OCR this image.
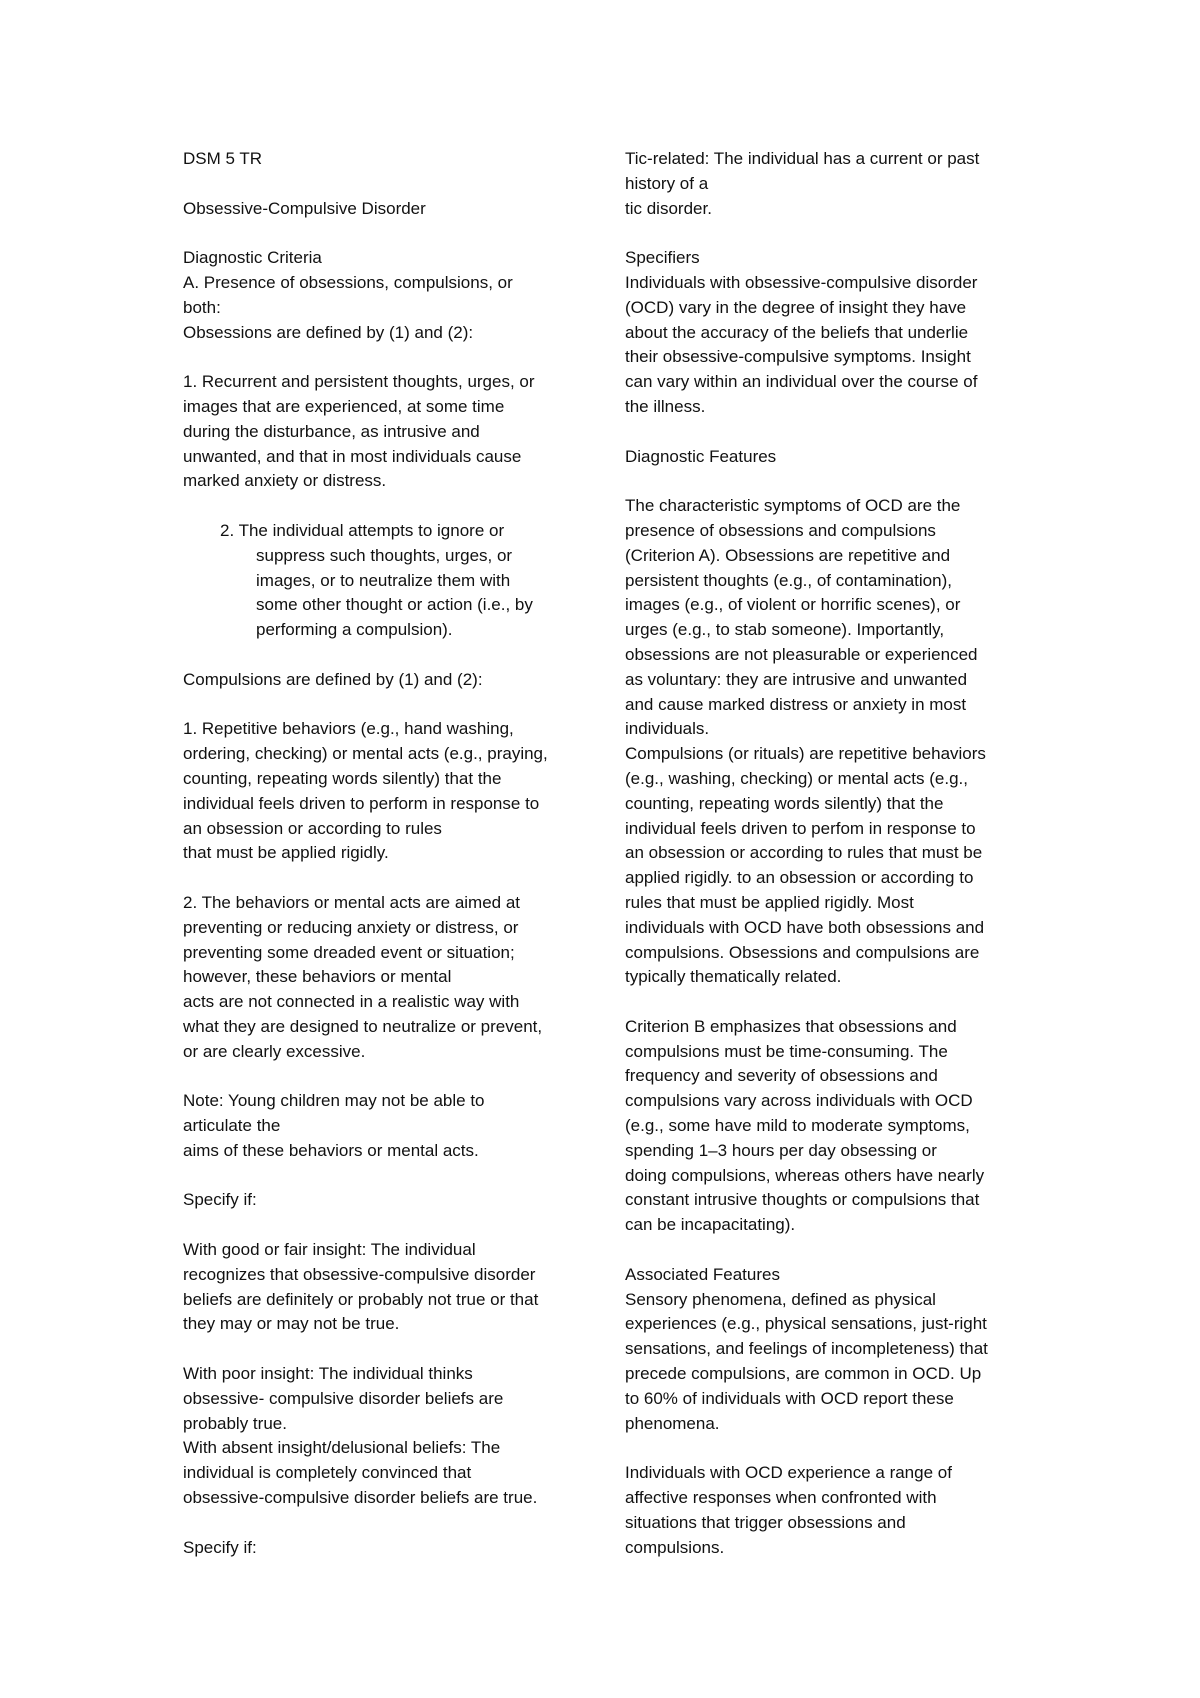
DSM 5 TR
Obsessive-Compulsive Disorder
Diagnostic Criteria
A. Presence of obsessions, compulsions, or
both:
Obsessions are defined by (1) and (2):
1. Recurrent and persistent thoughts, urges, or
images that are experienced, at some time
during the disturbance, as intrusive and
unwanted, and that in most individuals cause
marked anxiety or distress.
2. The individual attempts to ignore or
suppress such thoughts, urges, or
images, or to neutralize them with
some other thought or action (i.e., by
performing a compulsion).
Compulsions are defined by (1) and (2):
1. Repetitive behaviors (e.g., hand washing,
ordering, checking) or mental acts (e.g., praying,
counting, repeating words silently) that the
individual feels driven to perform in response to
an obsession or according to rules
that must be applied rigidly.
2. The behaviors or mental acts are aimed at
preventing or reducing anxiety or distress, or
preventing some dreaded event or situation;
however, these behaviors or mental
acts are not connected in a realistic way with
what they are designed to neutralize or prevent,
or are clearly excessive.
Note: Young children may not be able to
articulate the
aims of these behaviors or mental acts.
Specify if:
With good or fair insight: The individual
recognizes that obsessive-compulsive disorder
beliefs are definitely or probably not true or that
they may or may not be true.
With poor insight: The individual thinks
obsessive- compulsive disorder beliefs are
probably true.
With absent insight/delusional beliefs: The
individual is completely convinced that
obsessive-compulsive disorder beliefs are true.
Specify if:
Tic-related: The individual has a current or past
history of a
tic disorder.
Specifiers
Individuals with obsessive-compulsive disorder
(OCD) vary in the degree of insight they have
about the accuracy of the beliefs that underlie
their obsessive-compulsive symptoms. Insight
can vary within an individual over the course of
the illness.
Diagnostic Features
The characteristic symptoms of OCD are the
presence of obsessions and compulsions
(Criterion A). Obsessions are repetitive and
persistent thoughts (e.g., of contamination),
images (e.g., of violent or horrific scenes), or
urges (e.g., to stab someone). Importantly,
obsessions are not pleasurable or experienced
as voluntary: they are intrusive and unwanted
and cause marked distress or anxiety in most
individuals.
Compulsions (or rituals) are repetitive behaviors
(e.g., washing, checking) or mental acts (e.g.,
counting, repeating words silently) that the
individual feels driven to perfom in response to
an obsession or according to rules that must be
applied rigidly. to an obsession or according to
rules that must be applied rigidly. Most
individuals with OCD have both obsessions and
compulsions. Obsessions and compulsions are
typically thematically related.
Criterion B emphasizes that obsessions and
compulsions must be time-consuming. The
frequency and severity of obsessions and
compulsions vary across individuals with OCD
(e.g., some have mild to moderate symptoms,
spending 1–3 hours per day obsessing or
doing compulsions, whereas others have nearly
constant intrusive thoughts or compulsions that
can be incapacitating).
Associated Features
Sensory phenomena, defined as physical
experiences (e.g., physical sensations, just-right
sensations, and feelings of incompleteness) that
precede compulsions, are common in OCD. Up
to 60% of individuals with OCD report these
phenomena.
Individuals with OCD experience a range of
affective responses when confronted with
situations that trigger obsessions and
compulsions.
